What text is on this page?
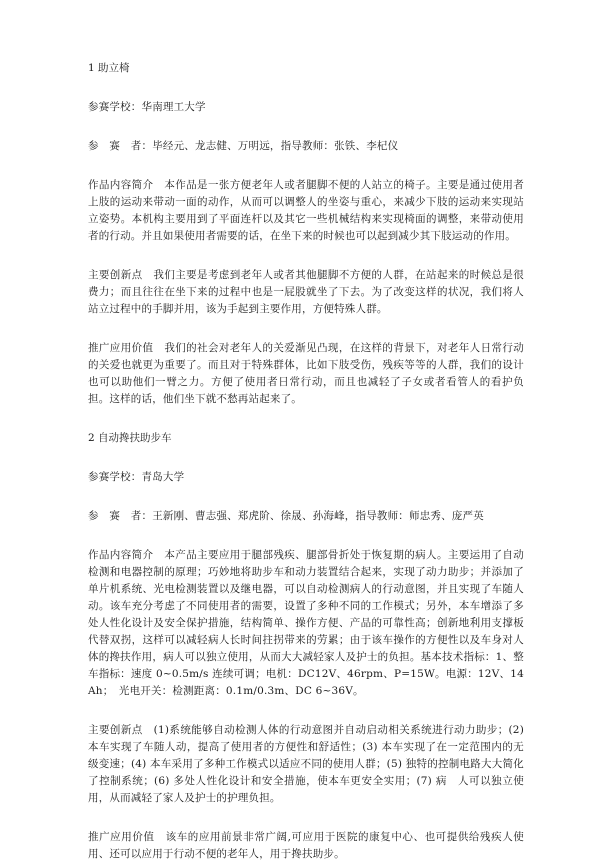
1 助立椅
参赛学校：华南理工大学
参　赛　者：毕经元、龙志健、万明远，指导教师：张铁、李杞仪
作品内容简介　本作品是一张方便老年人或者腿脚不便的人站立的椅子。主要是通过使用者上肢的运动来带动一面的动作，从而可以调整人的坐姿与重心，来减少下肢的运动来实现站立姿势。本机构主要用到了平面连杆以及其它一些机械结构来实现椅面的调整，来带动使用者的行动。并且如果使用者需要的话，在坐下来的时候也可以起到减少其下肢运动的作用。
主要创新点　我们主要是考虑到老年人或者其他腿脚不方便的人群，在站起来的时候总是很费力；而且往往在坐下来的过程中也是一屁股就坐了下去。为了改变这样的状况，我们将人站立过程中的手脚并用，该为手起到主要作用，方便特殊人群。
推广应用价值　我们的社会对老年人的关爱渐见凸现，在这样的背景下，对老年人日常行动的关爱也就更为重要了。而且对于特殊群体，比如下肢受伤，残疾等等的人群，我们的设计也可以助他们一臂之力。方便了使用者日常行动，而且也减轻了子女或者看管人的看护负担。这样的话，他们坐下就不愁再站起来了。
2 自动搀扶助步车
参赛学校：青岛大学
参　赛　者：王新刚、曹志强、郑虎阶、徐晟、孙海峰，指导教师：师忠秀、庞严英
作品内容简介　本产品主要应用于腿部残疾、腿部骨折处于恢复期的病人。主要运用了自动检测和电器控制的原理；巧妙地将助步车和动力装置结合起来，实现了动力助步；并添加了单片机系统、光电检测装置以及继电器，可以自动检测病人的行动意图，并且实现了车随人动。该车充分考虑了不同使用者的需要，设置了多种不同的工作模式；另外，本车增添了多处人性化设计及安全保护措施，结构简单、操作方便、产品的可靠性高；创新地利用支撑板代替双拐，这样可以减轻病人长时间拄拐带来的劳累；由于该车操作的方便性以及车身对人体的搀扶作用，病人可以独立使用，从而大大减轻家人及护士的负担。基本技术指标：1、整车指标：速度 0~0.5m/s 连续可调；电机：DC12V、46rpm、P=15W。电源：12V、14Ah；　光电开关：检测距离：0.1m/0.3m、DC 6~36V。
主要创新点　(1)系统能够自动检测人体的行动意图并自动启动相关系统进行动力助步；(2)本车实现了车随人动，提高了使用者的方便性和舒适性；(3) 本车实现了在一定范围内的无级变速；(4) 本车采用了多种工作模式以适应不同的使用人群；(5) 独特的控制电路大大简化了控制系统；(6) 多处人性化设计和安全措施，使本车更安全实用；(7) 病　人可以独立使用，从而减轻了家人及护士的护理负担。
推广应用价值　该车的应用前景非常广阔,可应用于医院的康复中心、也可提供给残疾人使用、还可以应用于行动不便的老年人，用于搀扶助步。
